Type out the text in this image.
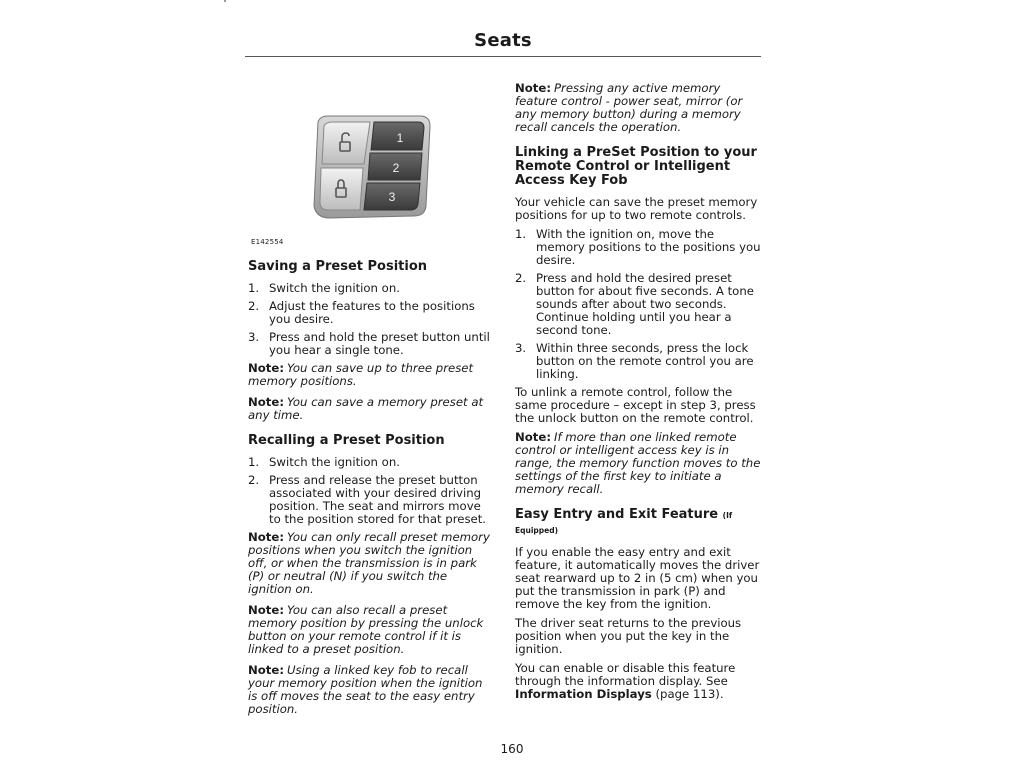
Seats
1
2
3
E142554
Saving a Preset Position
1. Switch the ignition on.
2. Adjust the features to the positions you desire.
3. Press and hold the preset button until you hear a single tone.

Note: You can save up to three preset memory positions.

Note: You can save a memory preset at any time.

Recalling a Preset Position
1. Switch the ignition on.
2. Press and release the preset button associated with your desired driving position. The seat and mirrors move to the position stored for that preset.

Note: You can only recall preset memory positions when you switch the ignition off, or when the transmission is in park (P) or neutral (N) if you switch the ignition on.

Note: You can also recall a preset memory position by pressing the unlock button on your remote control if it is linked to a preset position.

Note: Using a linked key fob to recall your memory position when the ignition is off moves the seat to the easy entry position.

Note: Pressing any active memory feature control - power seat, mirror (or any memory button) during a memory recall cancels the operation.

Linking a PreSet Position to your Remote Control or Intelligent Access Key Fob

Your vehicle can save the preset memory positions for up to two remote controls.

1. With the ignition on, move the memory positions to the positions you desire.
2. Press and hold the desired preset button for about five seconds. A tone sounds after about two seconds. Continue holding until you hear a second tone.
3. Within three seconds, press the lock button on the remote control you are linking.

To unlink a remote control, follow the same procedure – except in step 3, press the unlock button on the remote control.

Note: If more than one linked remote control or intelligent access key is in range, the memory function moves to the settings of the first key to initiate a memory recall.

Easy Entry and Exit Feature (If Equipped)

If you enable the easy entry and exit feature, it automatically moves the driver seat rearward up to 2 in (5 cm) when you put the transmission in park (P) and remove the key from the ignition.

The driver seat returns to the previous position when you put the key in the ignition.

You can enable or disable this feature through the information display. See Information Displays (page 113).

160
